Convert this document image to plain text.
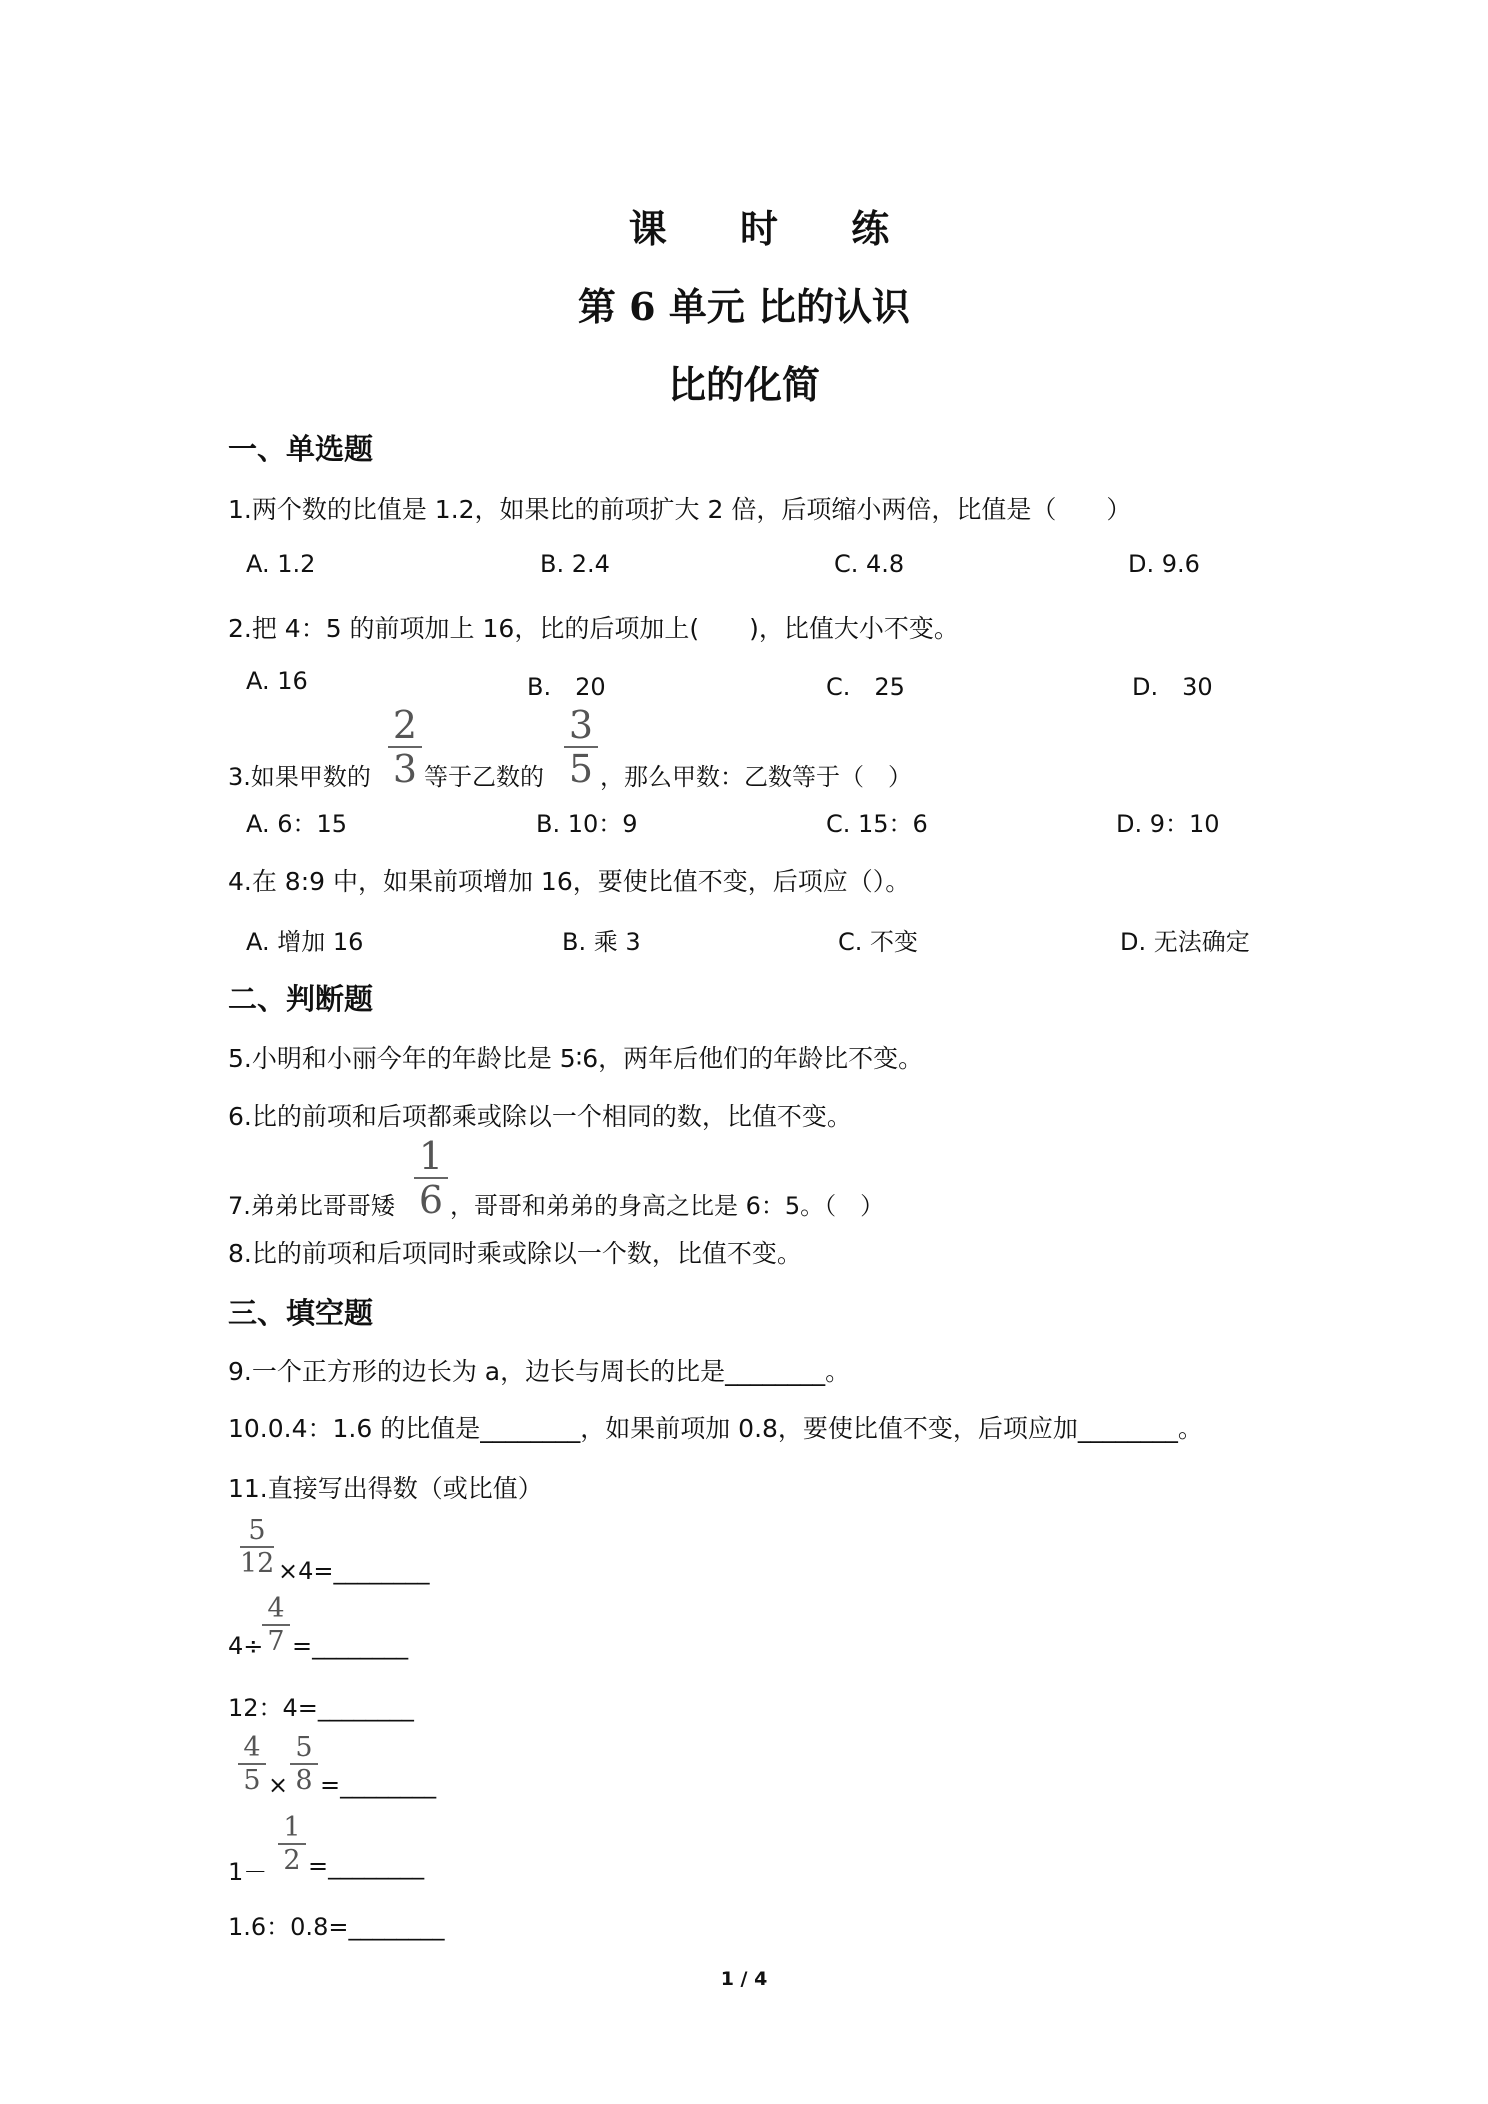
课 时 练
第 6 单元 比的认识
比的化简
一、单选题
1.两个数的比值是 1.2，如果比的前项扩大 2 倍，后项缩小两倍，比值是（　　）
A. 1.2	B. 2.4	C. 4.8	D. 9.6
2.把 4：5 的前项加上 16，比的后项加上(　　)，比值大小不变。
A. 16	B.　20	C.　25	D.　30
3.如果甲数的
2
3 等于乙数的
3
5 ，那么甲数：乙数等于（　）
A. 6：15	B. 10：9	C. 15：6	D. 9：10
4.在 8:9 中，如果前项增加 16，要使比值不变，后项应（）。
A. 增加 16	B. 乘 3	C. 不变	D. 无法确定
二、判断题
5.小明和小丽今年的年龄比是 5∶6，两年后他们的年龄比不变。
6.比的前项和后项都乘或除以一个相同的数，比值不变。
7.弟弟比哥哥矮
1
6 ，哥哥和弟弟的身高之比是 6：5。（　）
8.比的前项和后项同时乘或除以一个数，比值不变。
三、填空题
9.一个正方形的边长为 a，边长与周长的比是________。
10.0.4：1.6 的比值是________，如果前项加 0.8，要使比值不变，后项应加________。
11.直接写出得数（或比值）
5
12 ×4=________
4÷
4
7 =________
12：4=________
4
5 ×
5
8 =________
1－
1
2 =________
1.6：0.8=________
1 / 4
